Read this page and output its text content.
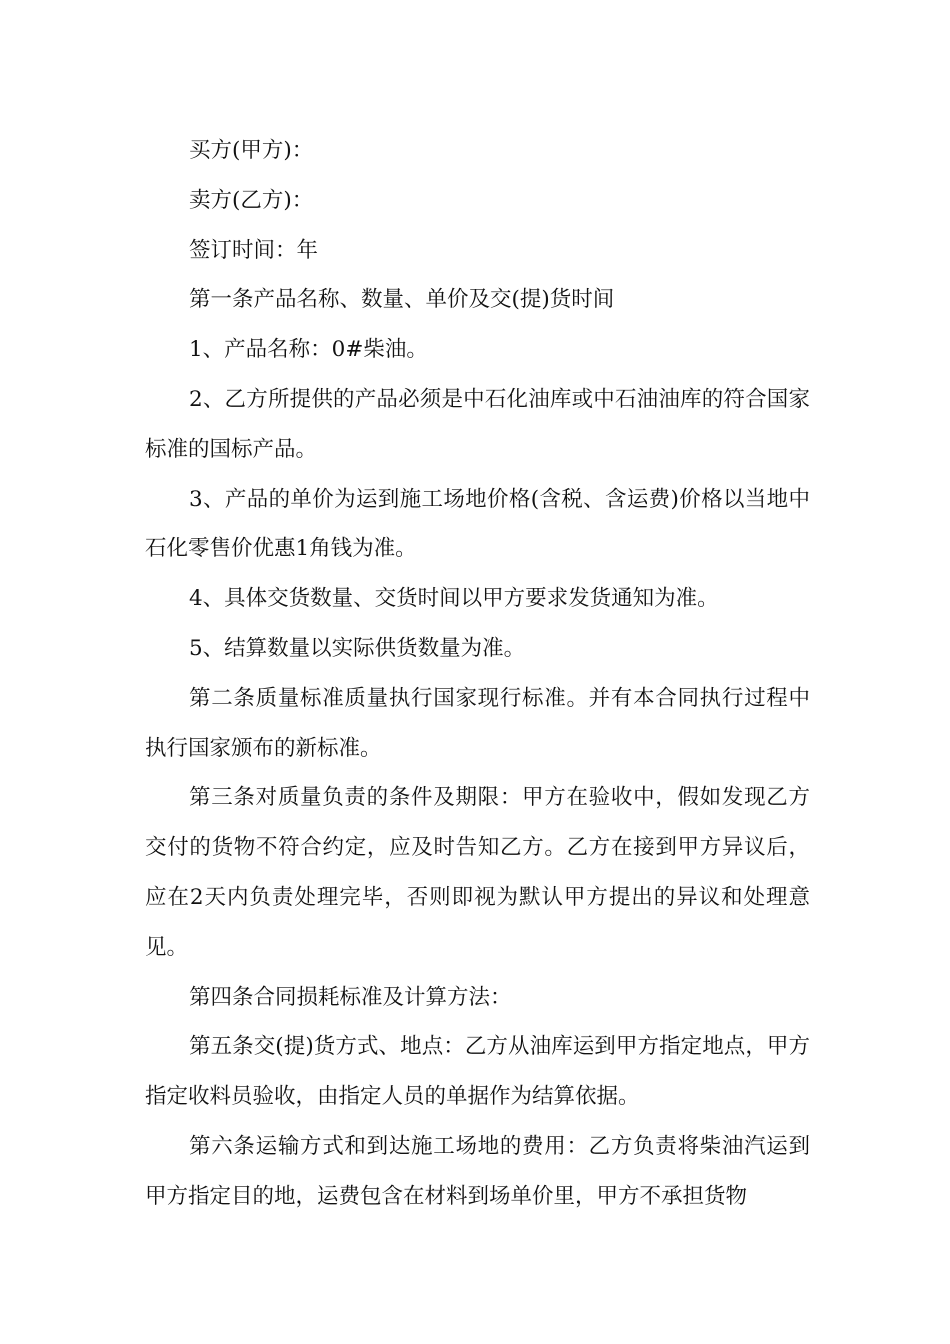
买方(甲方)：

卖方(乙方)：

签订时间：年

第一条产品名称、数量、单价及交(提)货时间

1、产品名称：0#柴油。

2、乙方所提供的产品必须是中石化油库或中石油油库的符合国家标准的国标产品。

3、产品的单价为运到施工场地价格(含税、含运费)价格以当地中石化零售价优惠1角钱为准。

4、具体交货数量、交货时间以甲方要求发货通知为准。

5、结算数量以实际供货数量为准。

第二条质量标准质量执行国家现行标准。并有本合同执行过程中执行国家颁布的新标准。

第三条对质量负责的条件及期限：甲方在验收中，假如发现乙方交付的货物不符合约定，应及时告知乙方。乙方在接到甲方异议后，应在2天内负责处理完毕，否则即视为默认甲方提出的异议和处理意见。

第四条合同损耗标准及计算方法：

第五条交(提)货方式、地点：乙方从油库运到甲方指定地点，甲方指定收料员验收，由指定人员的单据作为结算依据。

第六条运输方式和到达施工场地的费用：乙方负责将柴油汽运到甲方指定目的地，运费包含在材料到场单价里，甲方不承担货物
